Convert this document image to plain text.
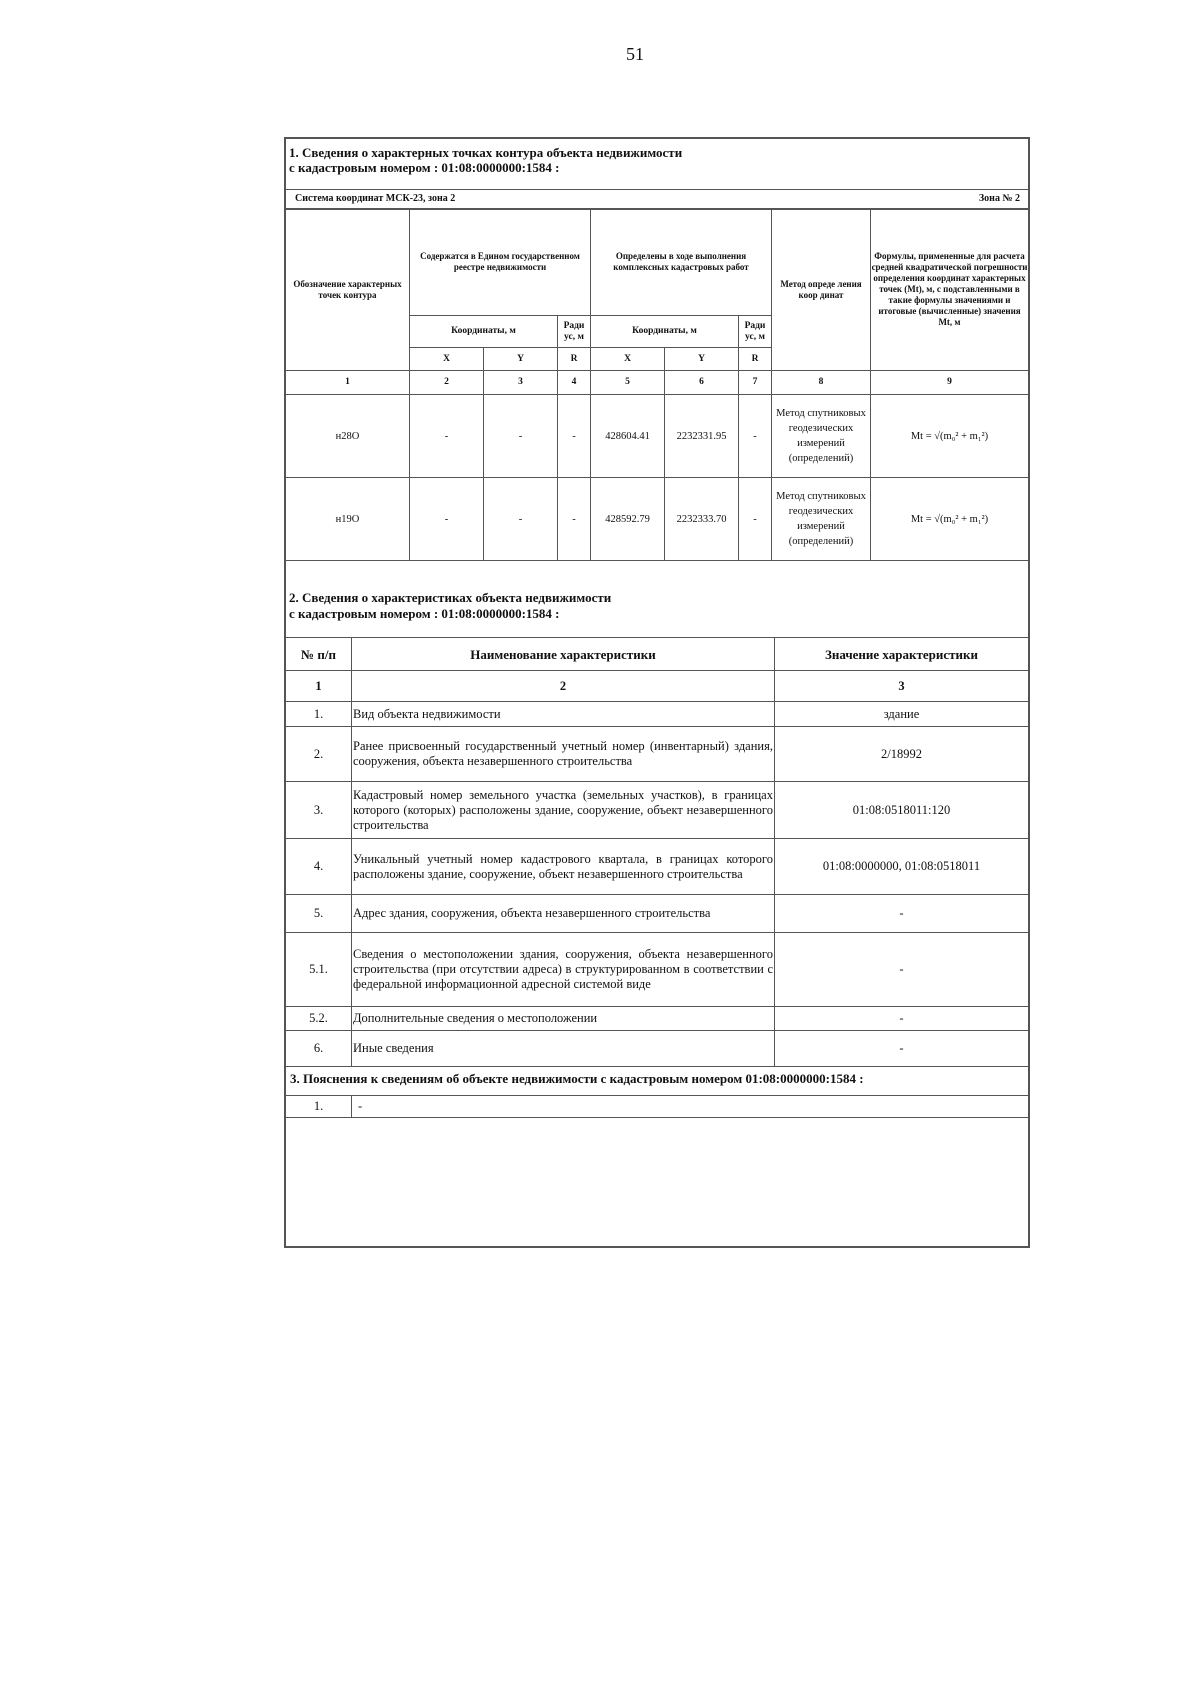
51
1. Сведения о характерных точках контура объекта недвижимости
с кадастровым номером : 01:08:0000000:1584 :
Система координат МСК-23, зона 2	Зона № 2
Обозначение характерных точек контура	Содержатся в Едином государственном реестре недвижимости			Определены в ходе выполнения комплексных кадастровых работ			Метод опреде ления коор динат	Формулы, примененные для расчета средней квадратической погрешности определения координат характерных точек (Mt), м, с подставленными в такие формулы значениями и итоговые (вычисленные) значения Mt, м
	Координаты, м		Ради ус, м	Координаты, м		Ради ус, м		
	X	Y	R	X	Y	R		
1	2	3	4	5	6	7	8	9
н28О	-	-	-	428604.41	2232331.95	-	Метод спутниковых геодезических измерений (определений)	Mt = √(m₀² + m₁²)
н19О	-	-	-	428592.79	2232333.70	-	Метод спутниковых геодезических измерений (определений)	Mt = √(m₀² + m₁²)
2. Сведения о характеристиках объекта недвижимости
с кадастровым номером : 01:08:0000000:1584 :
№ п/п	Наименование характеристики	Значение характеристики
1	2	3
1.	Вид объекта недвижимости	здание
2.	Ранее присвоенный государственный учетный номер (инвентарный) здания, сооружения, объекта незавершенного строительства	2/18992
3.	Кадастровый номер земельного участка (земельных участков), в границах которого (которых) расположены здание, сооружение, объект незавершенного строительства	01:08:0518011:120
4.	Уникальный учетный номер кадастрового квартала, в границах которого расположены здание, сооружение, объект незавершенного строительства	01:08:0000000, 01:08:0518011
5.	Адрес здания, сооружения, объекта незавершенного строительства	-
5.1.	Сведения о местоположении здания, сооружения, объекта незавершенного строительства (при отсутствии адреса) в структурированном в соответствии с федеральной информационной адресной системой виде	-
5.2.	Дополнительные сведения о местоположении	-
6.	Иные сведения	-
3. Пояснения к сведениям об объекте недвижимости с кадастровым номером 01:08:0000000:1584 :
1.	-
